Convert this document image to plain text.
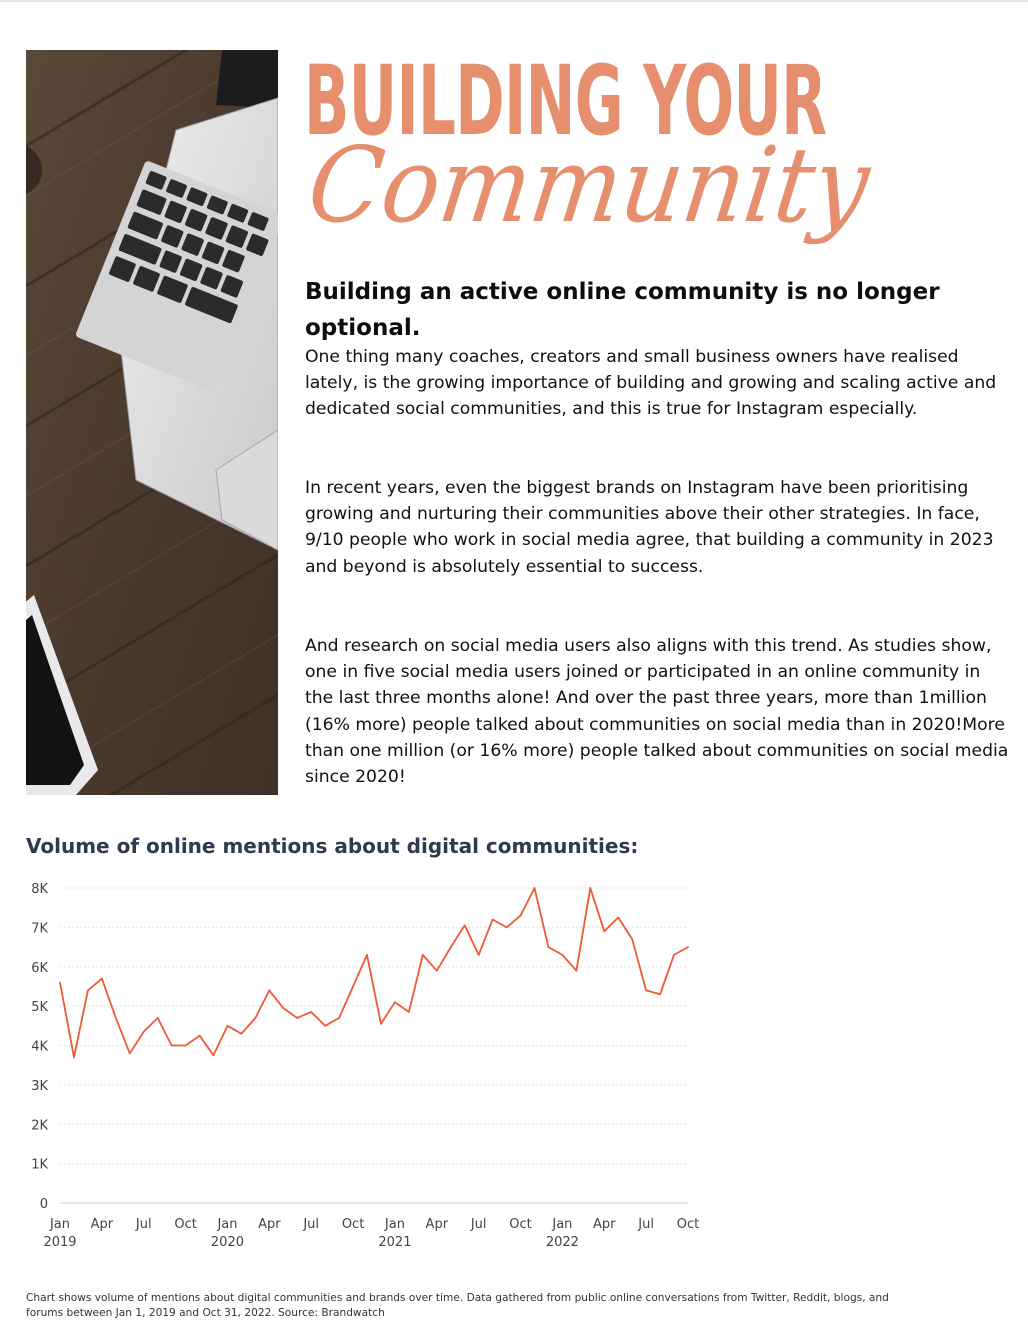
BUILDING YOUR
Community

Building an active online community is no longer optional.

One thing many coaches, creators and small business owners have realised lately, is the growing importance of building and growing and scaling active and dedicated social communities, and this is true for Instagram especially.

In recent years, even the biggest brands on Instagram have been prioritising growing and nurturing their communities above their other strategies. In face, 9/10 people who work in social media agree, that building a community in 2023 and beyond is absolutely essential to success.

And research on social media users also aligns with this trend. As studies show, one in five social media users joined or participated in an online community in the last three months alone! And over the past three years, more than 1million (16% more) people talked about communities on social media than in 2020!More than one million (or 16% more) people talked about communities on social media since 2020!

Volume of online mentions about digital communities:
0
1K
2K
3K
4K
5K
6K
7K
8K
Jan
2019
Apr Jul Oct Jan
2020
Apr Jul Oct Jan
2021
Apr Jul Oct Jan
2022
Apr Jul Oct

Chart shows volume of mentions about digital communities and brands over time. Data gathered from public online conversations from Twitter, Reddit, blogs, and forums between Jan 1, 2019 and Oct 31, 2022. Source: Brandwatch
